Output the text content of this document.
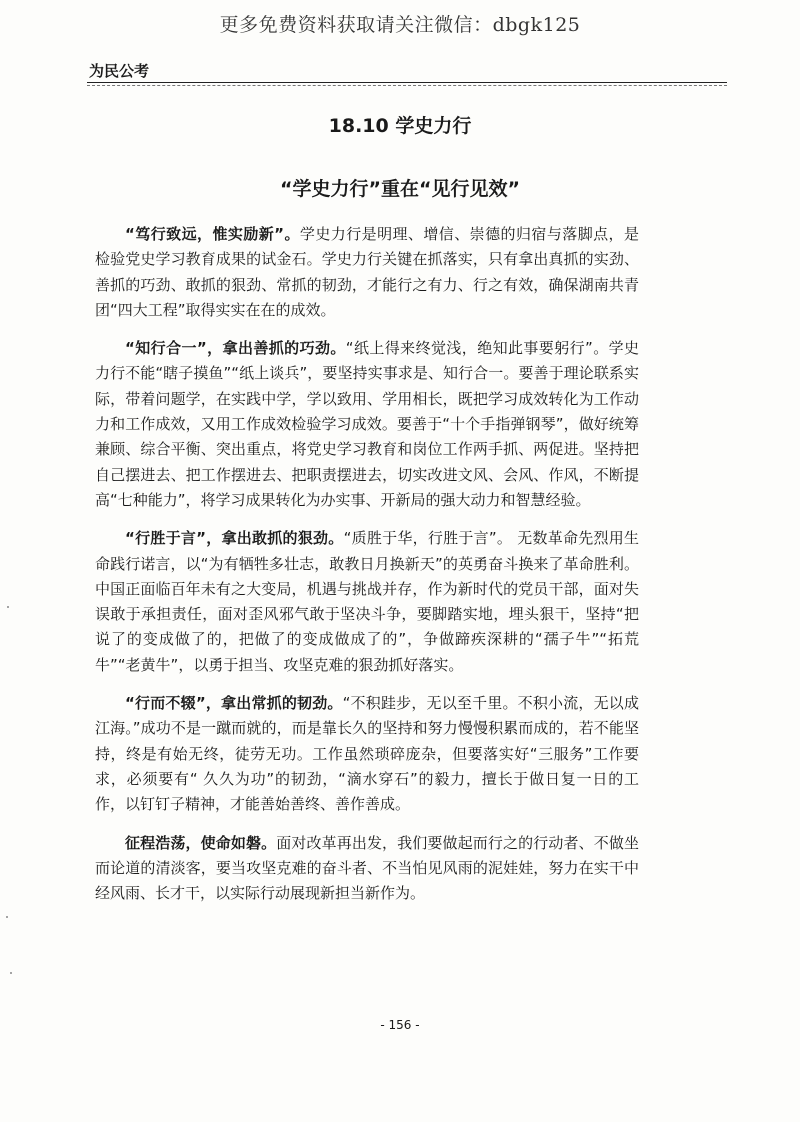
更多免费资料获取请关注微信：dbgk125
为民公考
18.10 学史力行
“学史力行”重在“见行见效”

“笃行致远，惟实励新”。学史力行是明理、增信、崇德的归宿与落脚点，是检验党史学习教育成果的试金石。学史力行关键在抓落实，只有拿出真抓的实劲、善抓的巧劲、敢抓的狠劲、常抓的韧劲，才能行之有力、行之有效，确保湖南共青团“四大工程”取得实实在在的成效。

“知行合一”，拿出善抓的巧劲。“纸上得来终觉浅，绝知此事要躬行”。学史力行不能“瞎子摸鱼”“纸上谈兵”，要坚持实事求是、知行合一。要善于理论联系实际，带着问题学，在实践中学，学以致用、学用相长，既把学习成效转化为工作动力和工作成效，又用工作成效检验学习成效。要善于“十个手指弹钢琴”，做好统筹兼顾、综合平衡、突出重点，将党史学习教育和岗位工作两手抓、两促进。坚持把自己摆进去、把工作摆进去、把职责摆进去，切实改进文风、会风、作风，不断提高“七种能力”，将学习成果转化为办实事、开新局的强大动力和智慧经验。

“行胜于言”，拿出敢抓的狠劲。“质胜于华，行胜于言”。 无数革命先烈用生命践行诺言，以“为有牺牲多壮志，敢教日月换新天”的英勇奋斗换来了革命胜利。中国正面临百年未有之大变局，机遇与挑战并存，作为新时代的党员干部，面对失误敢于承担责任，面对歪风邪气敢于坚决斗争，要脚踏实地，埋头狠干，坚持“把说了的变成做了的，把做了的变成做成了的”，争做蹄疾深耕的“孺子牛”“拓荒牛”“老黄牛”，以勇于担当、攻坚克难的狠劲抓好落实。

“行而不辍”，拿出常抓的韧劲。“不积跬步，无以至千里。不积小流，无以成江海。”成功不是一蹴而就的，而是靠长久的坚持和努力慢慢积累而成的，若不能坚持，终是有始无终，徒劳无功。工作虽然琐碎庞杂，但要落实好“三服务”工作要求，必须要有“ 久久为功”的韧劲，“滴水穿石”的毅力，擅长于做日复一日的工作，以钉钉子精神，才能善始善终、善作善成。

征程浩荡，使命如磐。面对改革再出发，我们要做起而行之的行动者、不做坐而论道的清淡客，要当攻坚克难的奋斗者、不当怕见风雨的泥娃娃，努力在实干中经风雨、长才干，以实际行动展现新担当新作为。

- 156 -
